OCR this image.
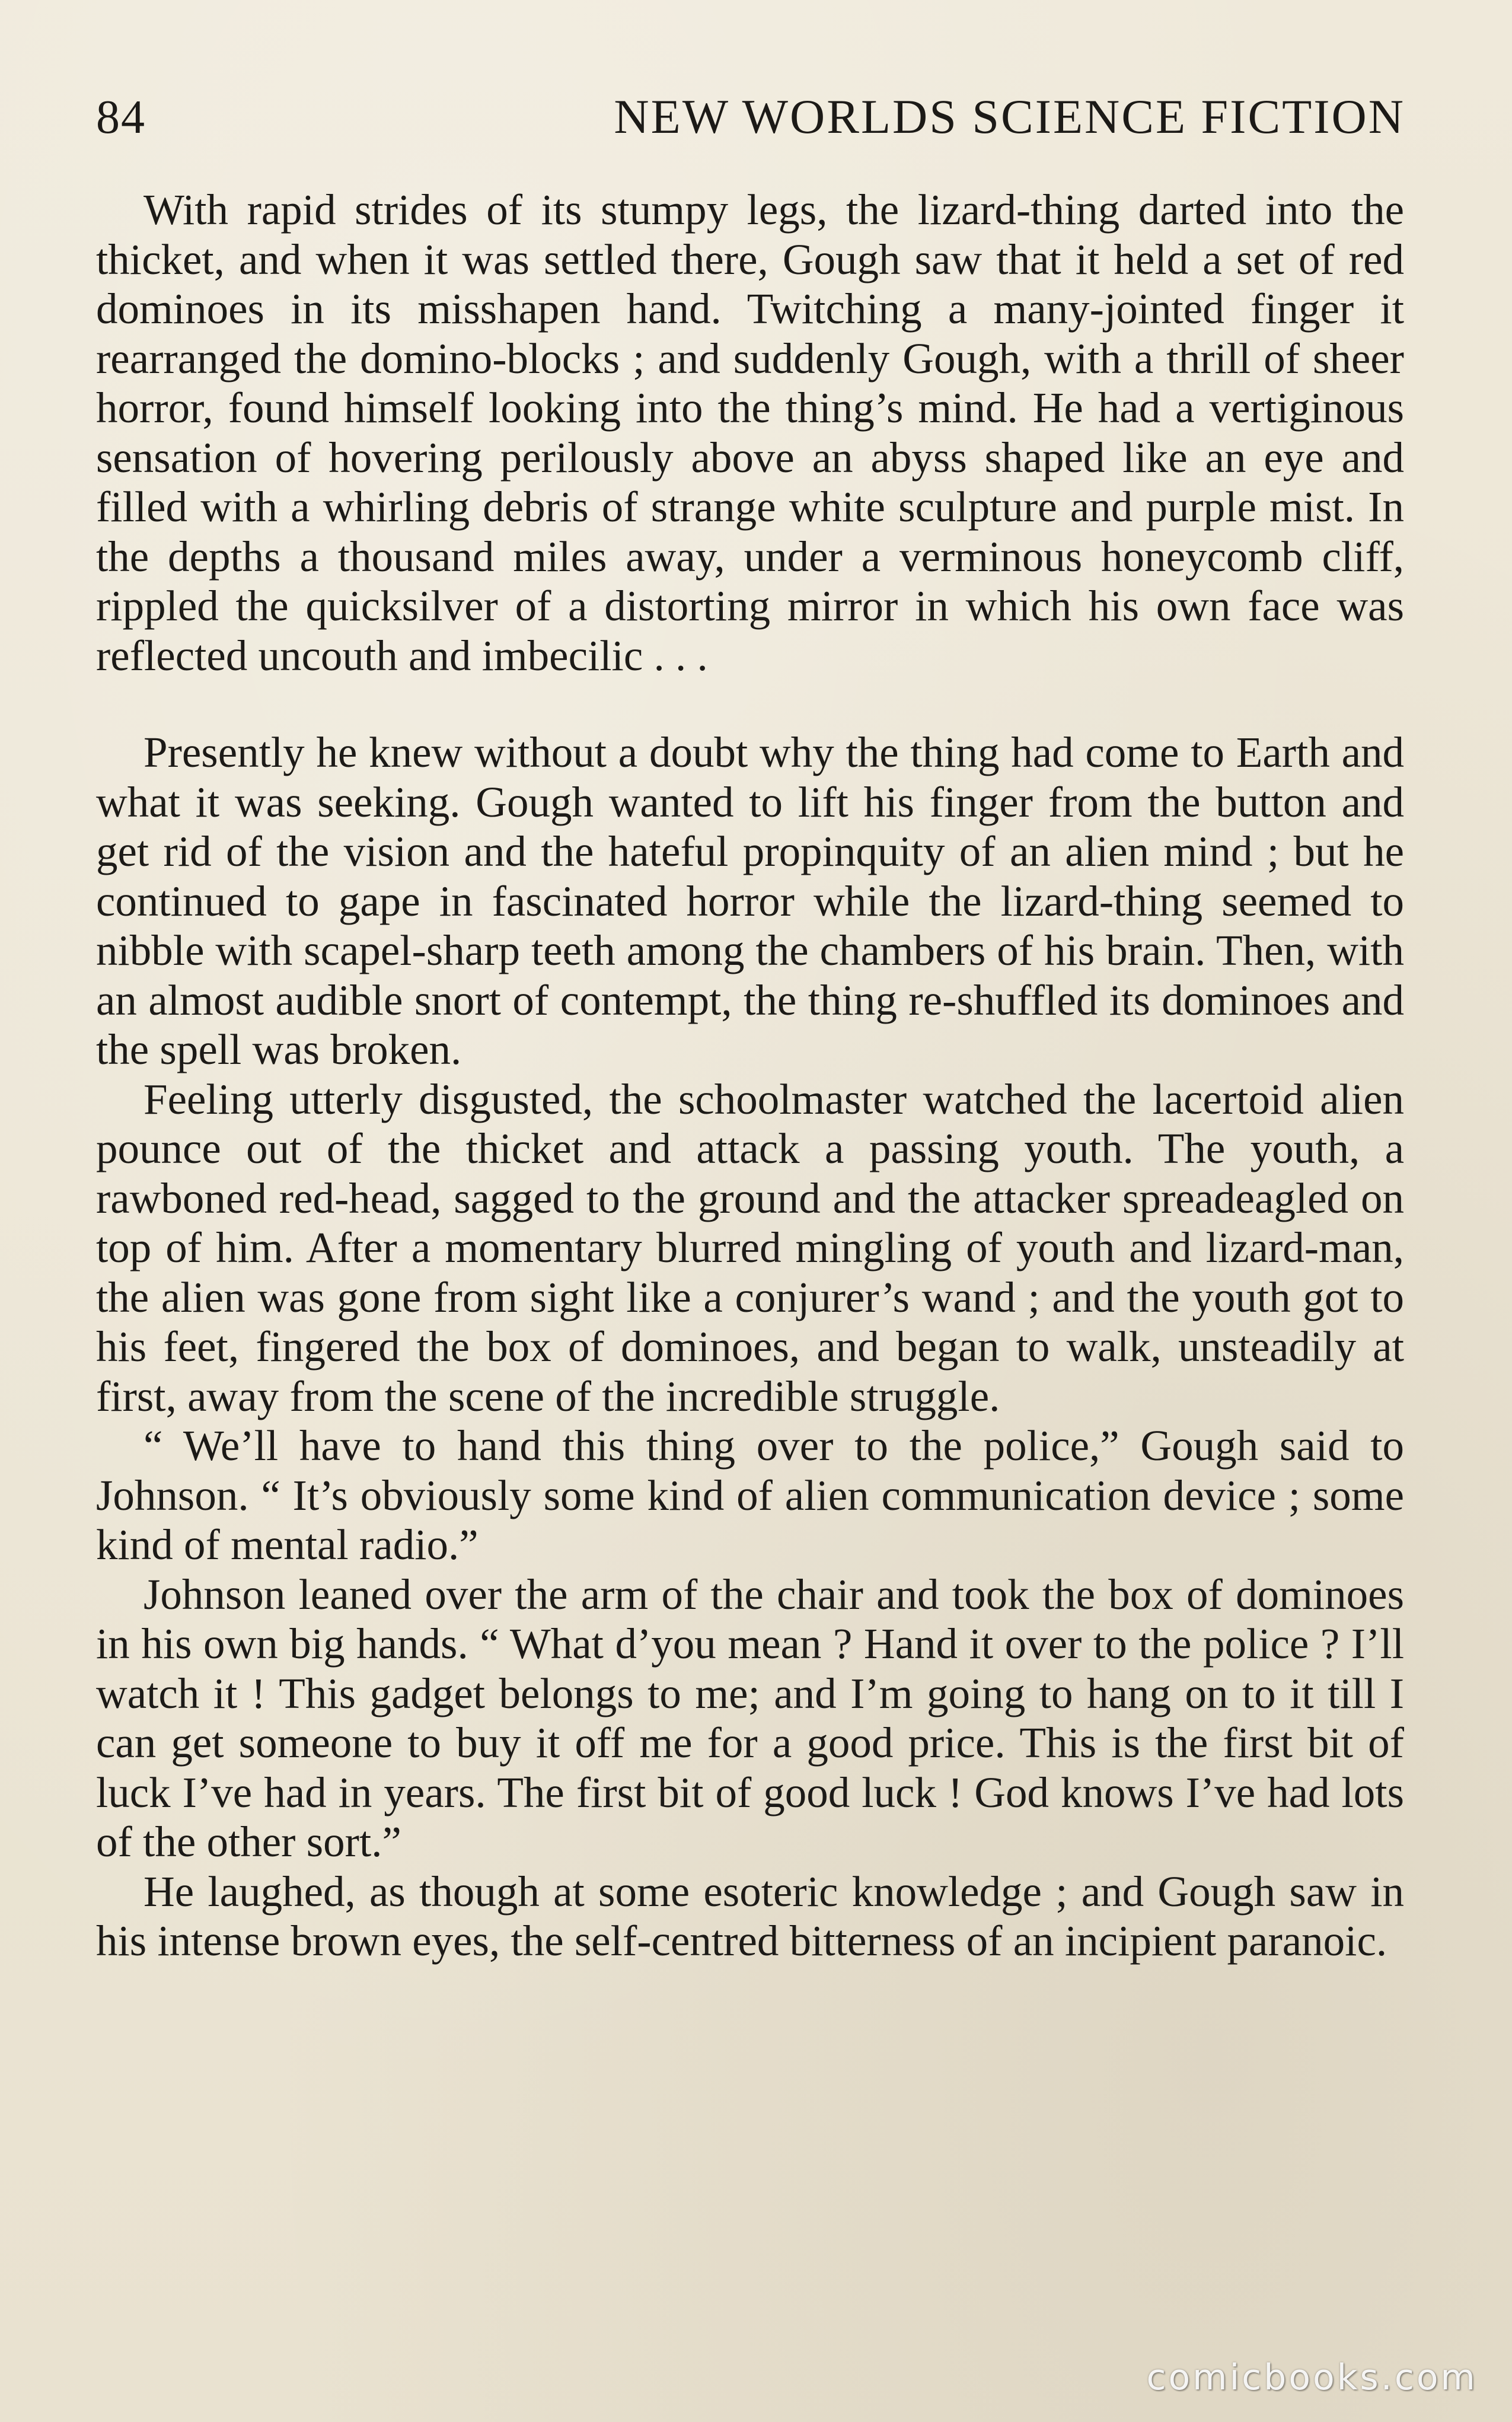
84	NEW WORLDS SCIENCE FICTION

With rapid strides of its stumpy legs, the lizard-thing darted into the thicket, and when it was settled there, Gough saw that it held a set of red dominoes in its misshapen hand. Twitching a many-jointed finger it rearranged the domino-blocks ; and suddenly Gough, with a thrill of sheer horror, found himself looking into the thing’s mind. He had a vertiginous sensation of hovering perilously above an abyss shaped like an eye and filled with a whirling debris of strange white sculpture and purple mist. In the depths a thousand miles away, under a verminous honeycomb cliff, rippled the quicksilver of a distorting mirror in which his own face was reflected uncouth and imbecilic . . .

Presently he knew without a doubt why the thing had come to Earth and what it was seeking. Gough wanted to lift his finger from the button and get rid of the vision and the hateful propinquity of an alien mind ; but he continued to gape in fascinated horror while the lizard-thing seemed to nibble with scapel-sharp teeth among the chambers of his brain. Then, with an almost audible snort of contempt, the thing re-shuffled its dominoes and the spell was broken.

Feeling utterly disgusted, the schoolmaster watched the lacertoid alien pounce out of the thicket and attack a passing youth. The youth, a rawboned red-head, sagged to the ground and the attacker spreadeagled on top of him. After a momentary blurred mingling of youth and lizard-man, the alien was gone from sight like a conjurer’s wand ; and the youth got to his feet, fingered the box of dominoes, and began to walk, unsteadily at first, away from the scene of the incredible struggle.

“ We’ll have to hand this thing over to the police,” Gough said to Johnson. “ It’s obviously some kind of alien communication device ; some kind of mental radio.”

Johnson leaned over the arm of the chair and took the box of dominoes in his own big hands. “ What d’you mean ? Hand it over to the police ? I’ll watch it ! This gadget belongs to me; and I’m going to hang on to it till I can get someone to buy it off me for a good price. This is the first bit of luck I’ve had in years. The first bit of good luck ! God knows I’ve had lots of the other sort.”

He laughed, as though at some esoteric knowledge ; and Gough saw in his intense brown eyes, the self-centred bitterness of an incipient paranoic.

comicbooks.com
